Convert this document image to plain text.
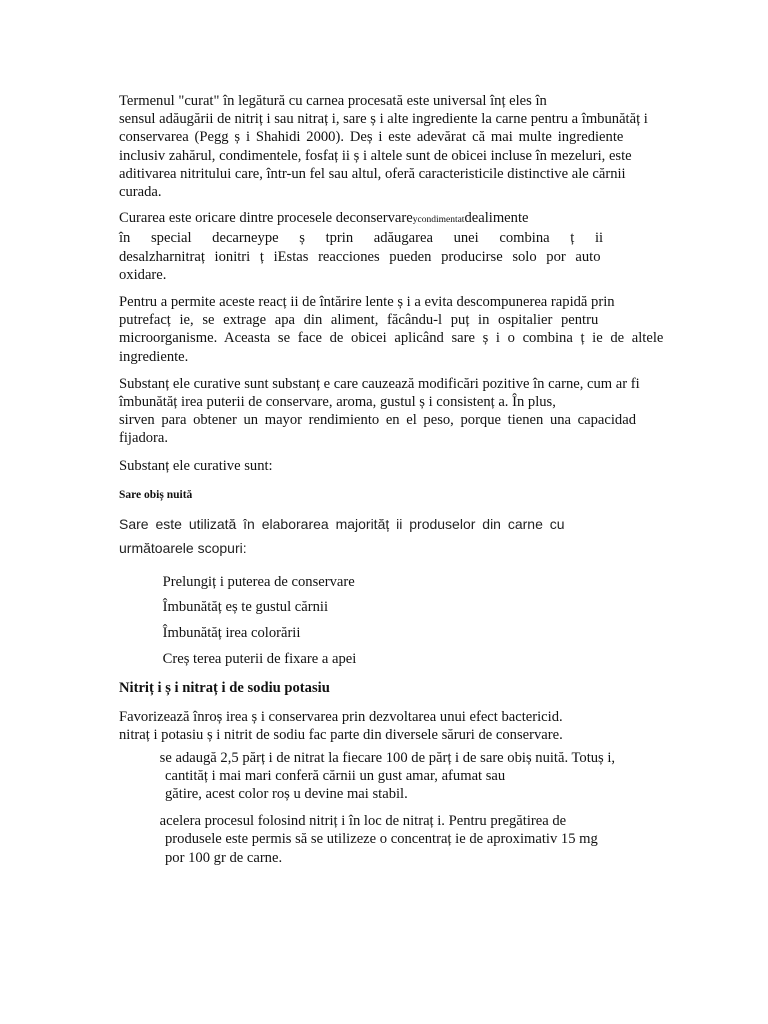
Termenul "curat" în legătură cu carnea procesată este universal înț eles în
sensul adăugării de nitriț i sau nitraț i, sare ș i alte ingrediente la carne pentru a îmbunătăț i
conservarea (Pegg ș i Shahidi 2000). Deș i este adevărat că mai multe ingrediente
inclusiv zahărul, condimentele, fosfaț ii ș i altele sunt de obicei incluse în mezeluri, este
aditivarea nitritului care, într-un fel sau altul, oferă caracteristicile distinctive ale cărnii
curada.

Curarea este oricare dintre procesele deconservareycondimentatdealimente
în special decarneype ș tprin adăugarea unei combina ț ii
desalzharnitraț ionitri ț iEstas reacciones pueden producirse solo por auto
oxidare.

Pentru a permite aceste reacț ii de întărire lente ș i a evita descompunerea rapidă prin
putrefacț ie, se extrage apa din aliment, făcându-l puț in ospitalier pentru
microorganisme. Aceasta se face de obicei aplicând sare ș i o combina ț ie de altele
ingrediente.

Substanț ele curative sunt substanț e care cauzează modificări pozitive în carne, cum ar fi
îmbunătăț irea puterii de conservare, aroma, gustul ș i consistenț a. În plus,
sirven para obtener un mayor rendimiento en el peso, porque tienen una capacidad
fijadora.

Substanț ele curative sunt:

Sare obiș nuită

Sare este utilizată în elaborarea majorităț ii produselor din carne cu
următoarele scopuri:

Prelungiț i puterea de conservare
Îmbunătăț eș te gustul cărnii
Îmbunătăț irea colorării
Creș terea puterii de fixare a apei

Nitriț i ș i nitraț i de sodiu potasiu

Favorizează înroș irea ș i conservarea prin dezvoltarea unui efect bactericid.
nitraț i potasiu ș i nitrit de sodiu fac parte din diversele săruri de conservare.

se adaugă 2,5 părț i de nitrat la fiecare 100 de părț i de sare obiș nuită. Totuș i,
cantităț i mai mari conferă cărnii un gust amar, afumat sau
gătire, acest color roș u devine mai stabil.

acelera procesul folosind nitriț i în loc de nitraț i. Pentru pregătirea de
produsele este permis să se utilizeze o concentraț ie de aproximativ 15 mg
por 100 gr de carne.
